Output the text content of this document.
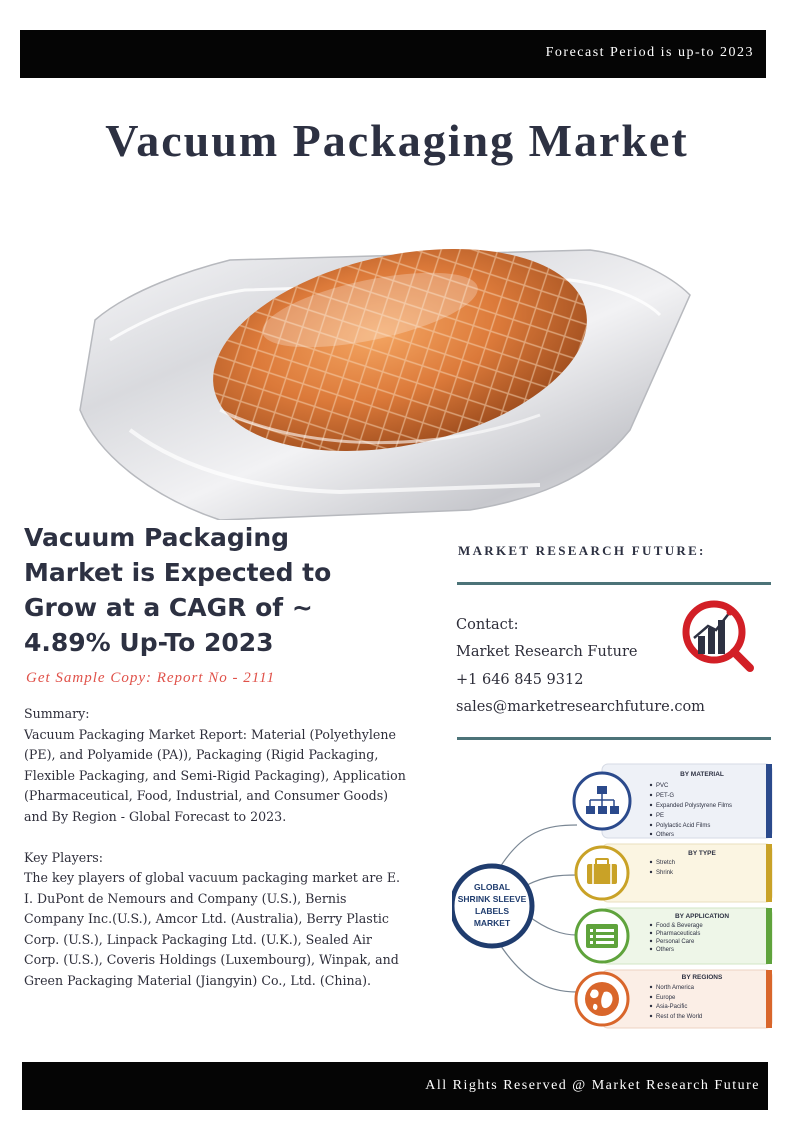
Forecast Period is up-to 2023
Vacuum Packaging Market
Vacuum Packaging Market is Expected to Grow at a CAGR of ~ 4.89% Up-To 2023
Get Sample Copy: Report No - 2111
Summary:
Vacuum Packaging Market Report: Material (Polyethylene (PE), and Polyamide (PA)), Packaging (Rigid Packaging, Flexible Packaging, and Semi-Rigid Packaging), Application (Pharmaceutical, Food, Industrial, and Consumer Goods) and By Region - Global Forecast to 2023.
Key Players:
The key players of global vacuum packaging market are E. I. DuPont de Nemours and Company (U.S.), Bernis Company Inc.(U.S.), Amcor Ltd. (Australia), Berry Plastic Corp. (U.S.), Linpack Packaging Ltd. (U.K.), Sealed Air Corp. (U.S.), Coveris Holdings (Luxembourg), Winpak, and Green Packaging Material (Jiangyin) Co., Ltd. (China).
MARKET RESEARCH FUTURE:
Contact:
Market Research Future
+1 646 845 9312
sales@marketresearchfuture.com
GLOBAL
SHRINK SLEEVE
LABELS
MARKET
BY MATERIAL
PVC
PET-G
Expanded Polystyrene Films
PE
Polylactic Acid Films
Others
BY TYPE
Stretch
Shrink
BY APPLICATION
Food & Beverage
Pharmaceuticals
Personal Care
Others
BY REGIONS
North America
Europe
Asia-Pacific
Rest of the World
All Rights Reserved @ Market Research Future
